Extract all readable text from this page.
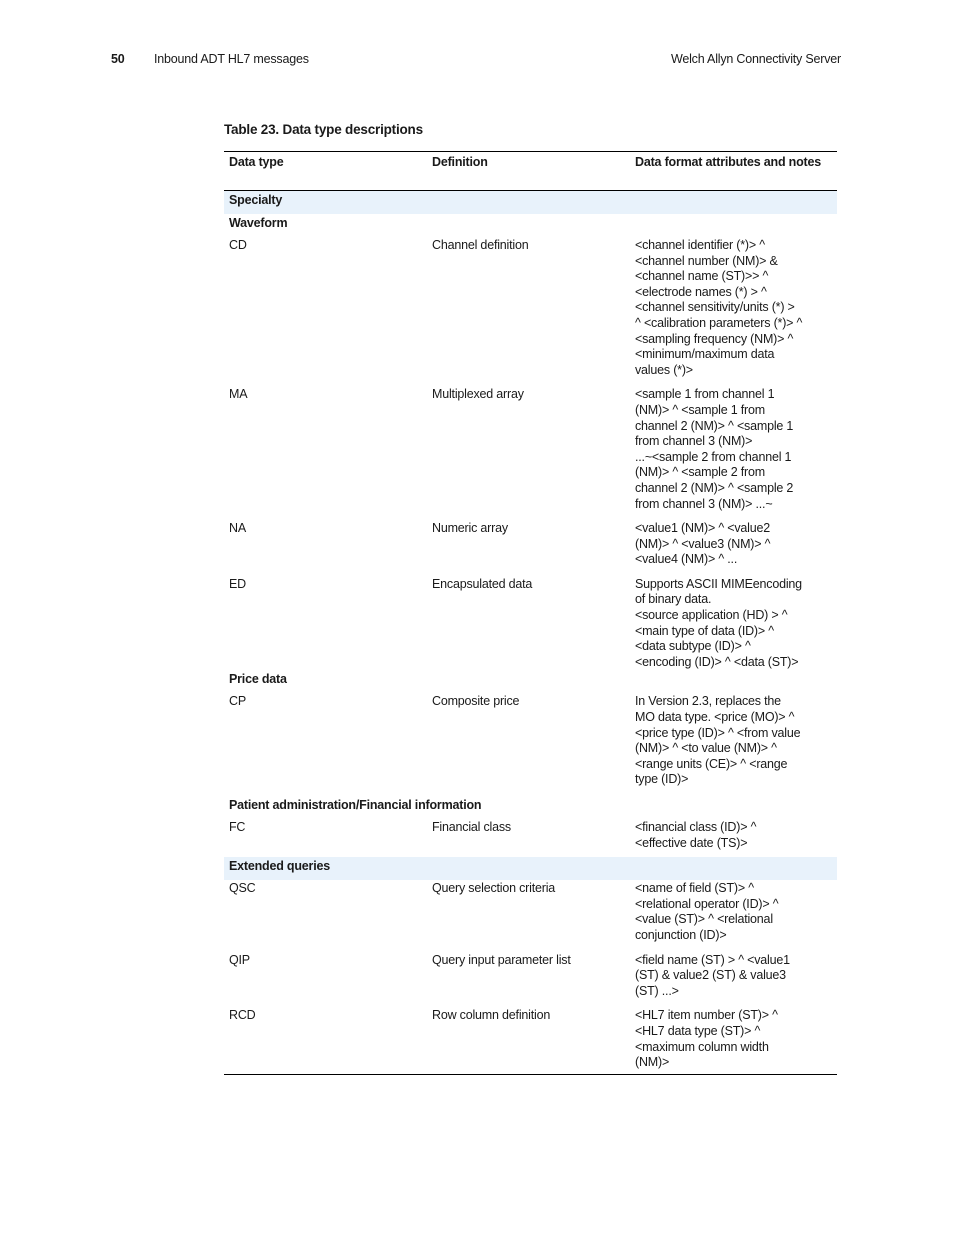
50 Inbound ADT HL7 messages	Welch Allyn Connectivity Server
Table 23. Data type descriptions
Data type	Definition	Data format attributes and notes
Specialty
Waveform
CD	Channel definition	<channel identifier (*)> ^
<channel number (NM)> &
<channel name (ST)>> ^
<electrode names (*) > ^
<channel sensitivity/units (*) >
^ <calibration parameters (*)> ^
<sampling frequency (NM)> ^
<minimum/maximum data
values (*)>
MA	Multiplexed array	<sample 1 from channel 1
(NM)> ^ <sample 1 from
channel 2 (NM)> ^ <sample 1
from channel 3 (NM)>
...~<sample 2 from channel 1
(NM)> ^ <sample 2 from
channel 2 (NM)> ^ <sample 2
from channel 3 (NM)> ...~
NA	Numeric array	<value1 (NM)> ^ <value2
(NM)> ^ <value3 (NM)> ^
<value4 (NM)> ^ ...
ED	Encapsulated data	Supports ASCII MIMEencoding
of binary data.
<source application (HD) > ^
<main type of data (ID)> ^
<data subtype (ID)> ^
<encoding (ID)> ^ <data (ST)>
Price data
CP	Composite price	In Version 2.3, replaces the
MO data type. <price (MO)> ^
<price type (ID)> ^ <from value
(NM)> ^ <to value (NM)> ^
<range units (CE)> ^ <range
type (ID)>
Patient administration/Financial information
FC	Financial class	<financial class (ID)> ^
<effective date (TS)>
Extended queries
QSC	Query selection criteria	<name of field (ST)> ^
<relational operator (ID)> ^
<value (ST)> ^ <relational
conjunction (ID)>
QIP	Query input parameter list	<field name (ST) > ^ <value1
(ST) & value2 (ST) & value3
(ST) ...>
RCD	Row column definition	<HL7 item number (ST)> ^
<HL7 data type (ST)> ^
<maximum column width
(NM)>
